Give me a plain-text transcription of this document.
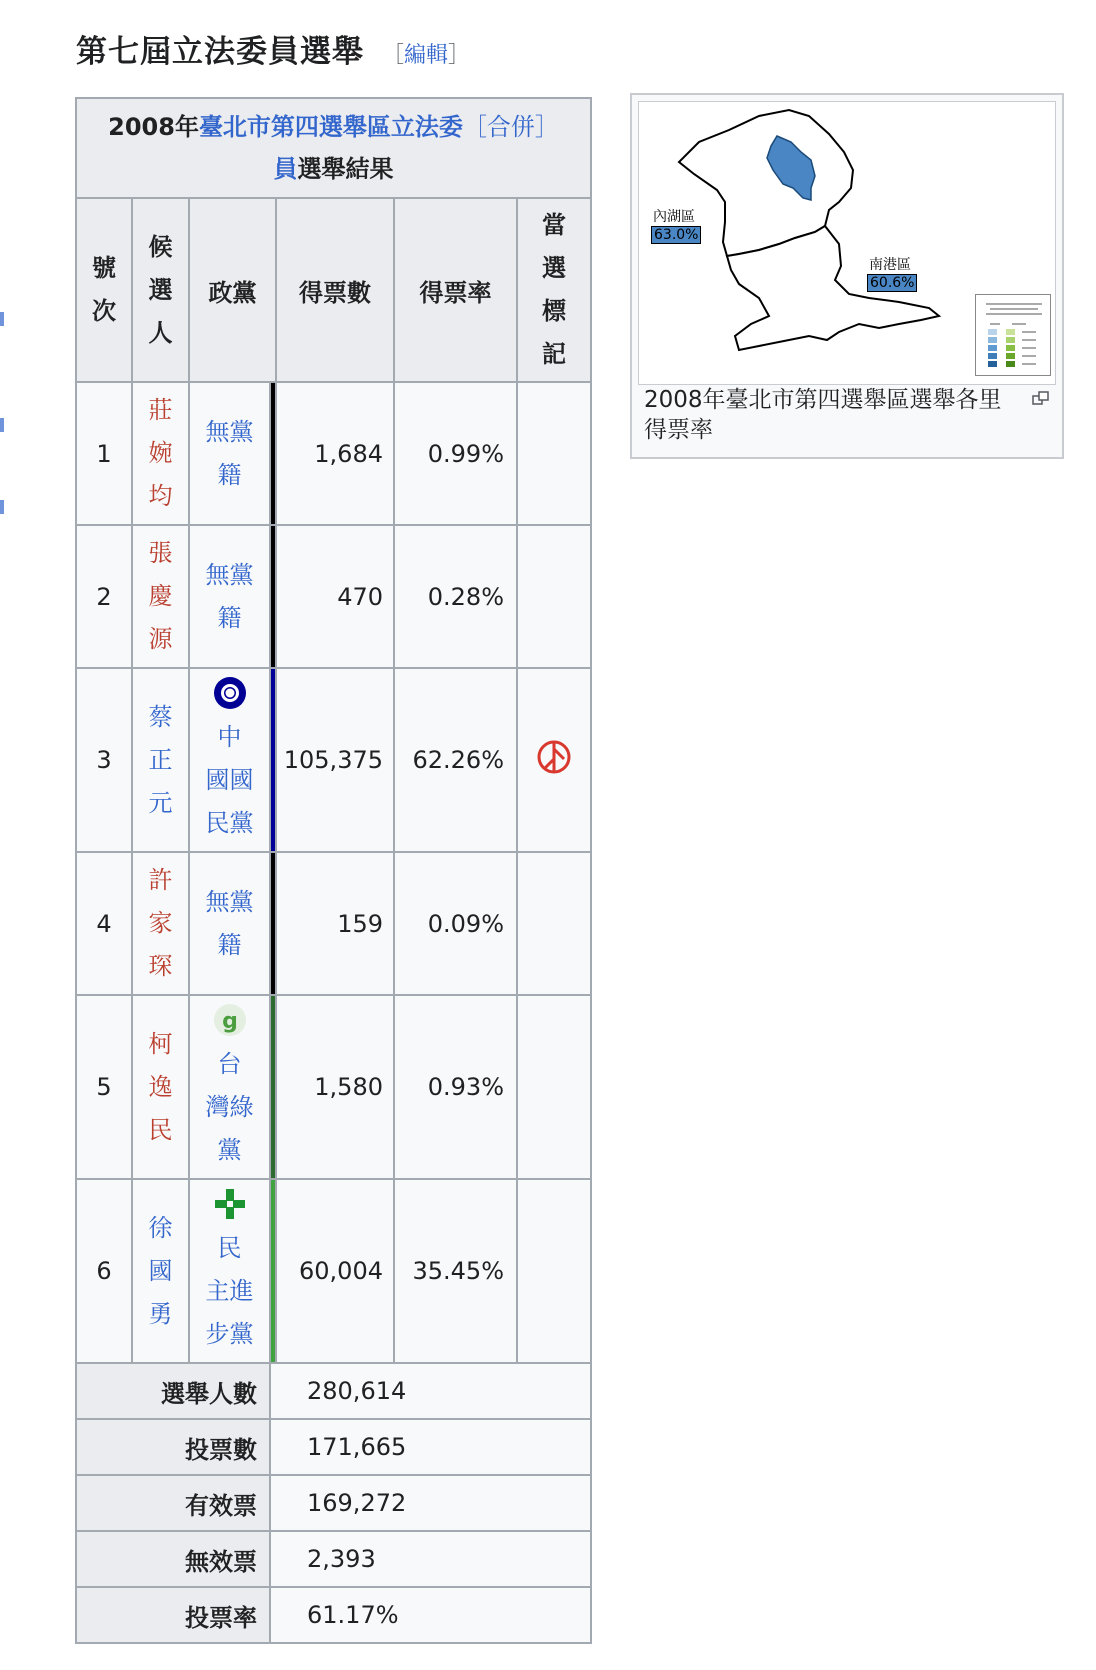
第七屆立法委員選舉 ［編輯］
2008年臺北市第四選舉區立法委［合併］
員選舉結果						

號
次	候
選
人	政黨		得票數	得票率	當
選
標
記

1	莊
婉
均	無黨
籍		1,684	0.99%	
2	張
慶
源	無黨
籍		470	0.28%	
3	蔡
正
元	中
國國
民黨		105,375	62.26%	
4	許
家
琛	無黨
籍		159	0.09%	
5	柯
逸
民	g
台
灣綠
黨		1,580	0.93%	
6	徐
國
勇	民
主進
步黨		60,004	35.45%	
選舉人數			280,614			
投票數			171,665			
有效票			169,272			
無效票			2,393			
投票率			61.17%			
內湖區
63.0%
南港區
60.6%
2008年臺北市第四選舉區選舉各里得票率
